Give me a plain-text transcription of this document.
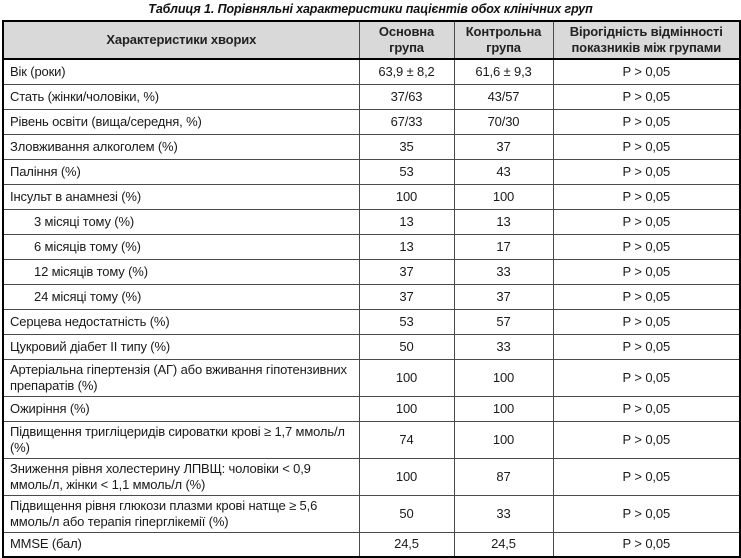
Таблиця 1. Порівняльні характеристики пацієнтів обох клінічних груп
Характеристики хворих	Основна група	Контрольна група	Вірогідність відмінності показників між групами
Вік (роки)	63,9 ± 8,2	61,6 ± 9,3	Р > 0,05
Стать (жінки/чоловіки, %)	37/63	43/57	Р > 0,05
Рівень освіти (вища/середня, %)	67/33	70/30	Р > 0,05
Зловживання алкоголем (%)	35	37	Р > 0,05
Паління (%)	53	43	Р > 0,05
Інсульт в анамнезі (%)	100	100	Р > 0,05
3 місяці тому (%)	13	13	Р > 0,05
6 місяців тому (%)	13	17	Р > 0,05
12 місяців тому (%)	37	33	Р > 0,05
24 місяці тому (%)	37	37	Р > 0,05
Серцева недостатність (%)	53	57	Р > 0,05
Цукровий діабет II типу (%)	50	33	Р > 0,05
Артеріальна гіпертензія (АГ) або вживання гіпотензивних препаратів (%)	100	100	Р > 0,05
Ожиріння (%)	100	100	Р > 0,05
Підвищення тригліцеридів сироватки крові ≥ 1,7 ммоль/л (%)	74	100	Р > 0,05
Зниження рівня холестерину ЛПВЩ: чоловіки < 0,9 ммоль/л, жінки < 1,1 ммоль/л (%)	100	87	Р > 0,05
Підвищення рівня глюкози плазми крові натще ≥ 5,6 ммоль/л або терапія гіперглікемії (%)	50	33	Р > 0,05
MMSE (бал)	24,5	24,5	Р > 0,05
